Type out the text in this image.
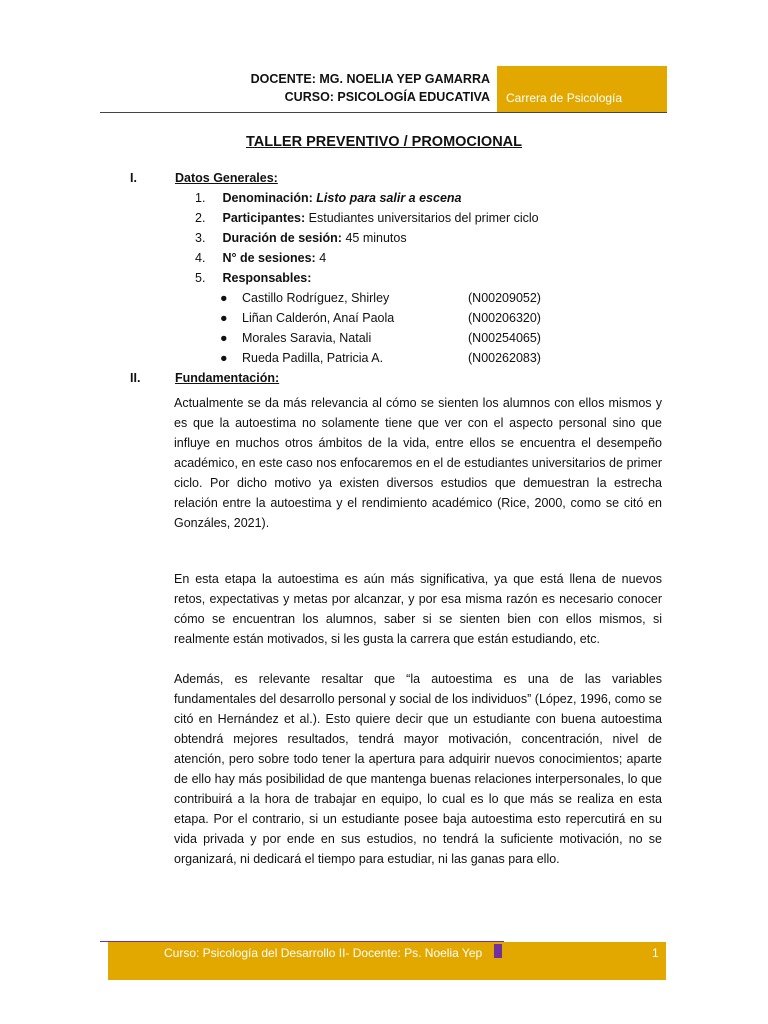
DOCENTE: MG. NOELIA YEP GAMARRA
CURSO: PSICOLOGÍA EDUCATIVA Carrera de Psicología
TALLER PREVENTIVO / PROMOCIONAL
I.	Datos Generales:
1. Denominación: Listo para salir a escena
2. Participantes: Estudiantes universitarios del primer ciclo
3. Duración de sesión: 45 minutos
4. N° de sesiones: 4
5. Responsables:
● Castillo Rodríguez, Shirley	(N00209052)
● Liñan Calderón, Anaí Paola	(N00206320)
● Morales Saravia, Natali	(N00254065)
● Rueda Padilla, Patricia A.	(N00262083)
II.	Fundamentación:

Actualmente se da más relevancia al cómo se sienten los alumnos con ellos mismos y es que la autoestima no solamente tiene que ver con el aspecto personal sino que influye en muchos otros ámbitos de la vida, entre ellos se encuentra el desempeño académico, en este caso nos enfocaremos en el de estudiantes universitarios de primer ciclo. Por dicho motivo ya existen diversos estudios que demuestran la estrecha relación entre la autoestima y el rendimiento académico (Rice, 2000, como se citó en Gonzáles, 2021).

En esta etapa la autoestima es aún más significativa, ya que está llena de nuevos retos, expectativas y metas por alcanzar, y por esa misma razón es necesario conocer cómo se encuentran los alumnos, saber si se sienten bien con ellos mismos, si realmente están motivados, si les gusta la carrera que están estudiando, etc.

Además, es relevante resaltar que “la autoestima es una de las variables fundamentales del desarrollo personal y social de los individuos” (López, 1996, como se citó en Hernández et al.). Esto quiere decir que un estudiante con buena autoestima obtendrá mejores resultados, tendrá mayor motivación, concentración, nivel de atención, pero sobre todo tener la apertura para adquirir nuevos conocimientos; aparte de ello hay más posibilidad de que mantenga buenas relaciones interpersonales, lo que contribuirá a la hora de trabajar en equipo, lo cual es lo que más se realiza en esta etapa. Por el contrario, si un estudiante posee baja autoestima esto repercutirá en su vida privada y por ende en sus estudios, no tendrá la suficiente motivación, no se organizará, ni dedicará el tiempo para estudiar, ni las ganas para ello.

Curso: Psicología del Desarrollo II- Docente: Ps. Noelia Yep	1
